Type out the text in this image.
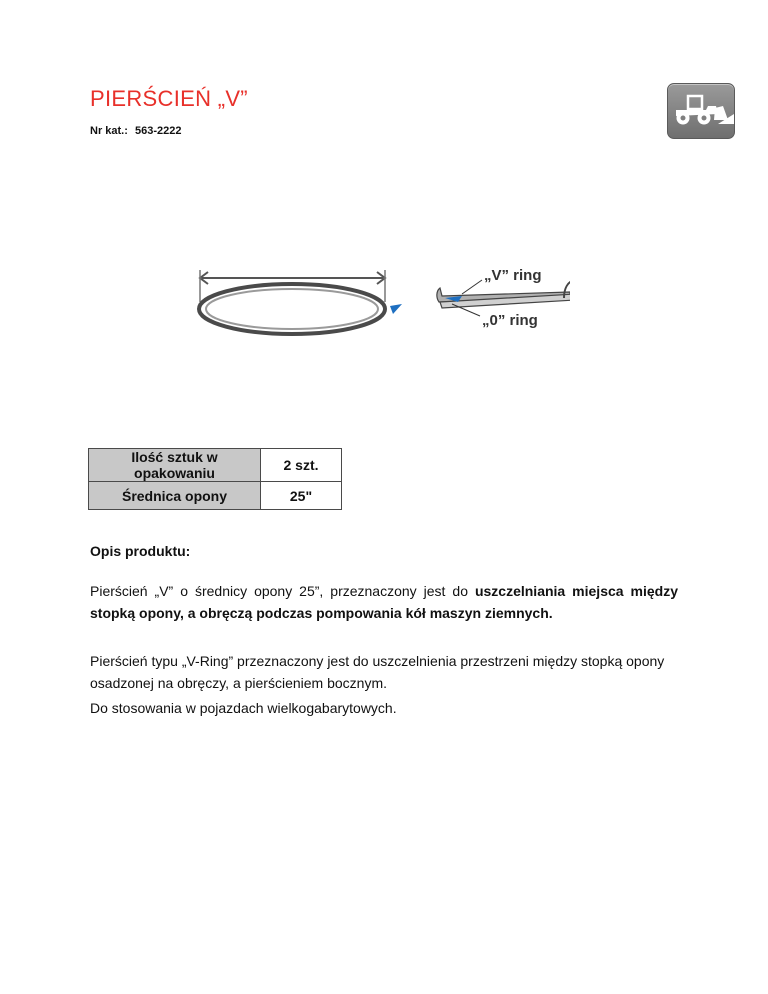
PIERŚCIEŃ „V”
Nr kat.: 563-2222
„V” ring
„0” ring
Ilość sztuk w opakowaniu	2 szt.
Średnica opony	25"
Opis produktu:

Pierścień „V” o średnicy opony 25”, przeznaczony jest do uszczelniania miejsca między stopką opony, a obręczą podczas pompowania kół maszyn ziemnych.

Pierścień typu „V-Ring” przeznaczony jest do uszczelnienia przestrzeni między stopką opony osadzonej na obręczy, a pierścieniem bocznym.

Do stosowania w pojazdach wielkogabarytowych.
